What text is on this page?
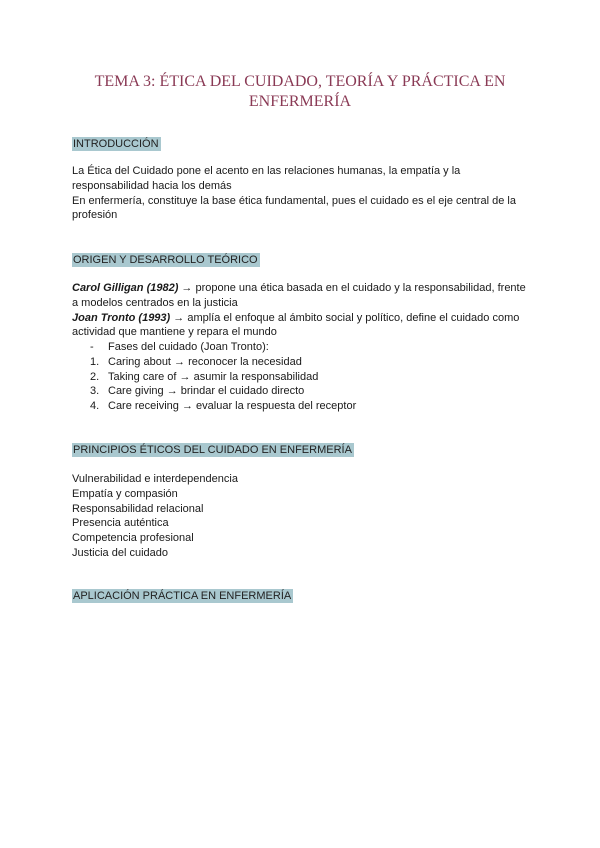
TEMA 3: ÉTICA DEL CUIDADO, TEORÍA Y PRÁCTICA EN ENFERMERÍA
INTRODUCCIÓN

La Ética del Cuidado pone el acento en las relaciones humanas, la empatía y la responsabilidad hacia los demás

En enfermería, constituye la base ética fundamental, pues el cuidado es el eje central de la profesión

ORIGEN Y DESARROLLO TEÓRICO

Carol Gilligan (1982) → propone una ética basada en el cuidado y la responsabilidad, frente a modelos centrados en la justicia

Joan Tronto (1993) → amplía el enfoque al ámbito social y político, define el cuidado como actividad que mantiene y repara el mundo

-	Fases del cuidado (Joan Tronto):
1. Caring about → reconocer la necesidad
2. Taking care of → asumir la responsabilidad
3. Care giving → brindar el cuidado directo
4. Care receiving → evaluar la respuesta del receptor
PRINCIPIOS ÉTICOS DEL CUIDADO EN ENFERMERÍA
Vulnerabilidad e interdependencia
Empatía y compasión
Responsabilidad relacional
Presencia auténtica
Competencia profesional
Justicia del cuidado
APLICACIÓN PRÁCTICA EN ENFERMERÍA
